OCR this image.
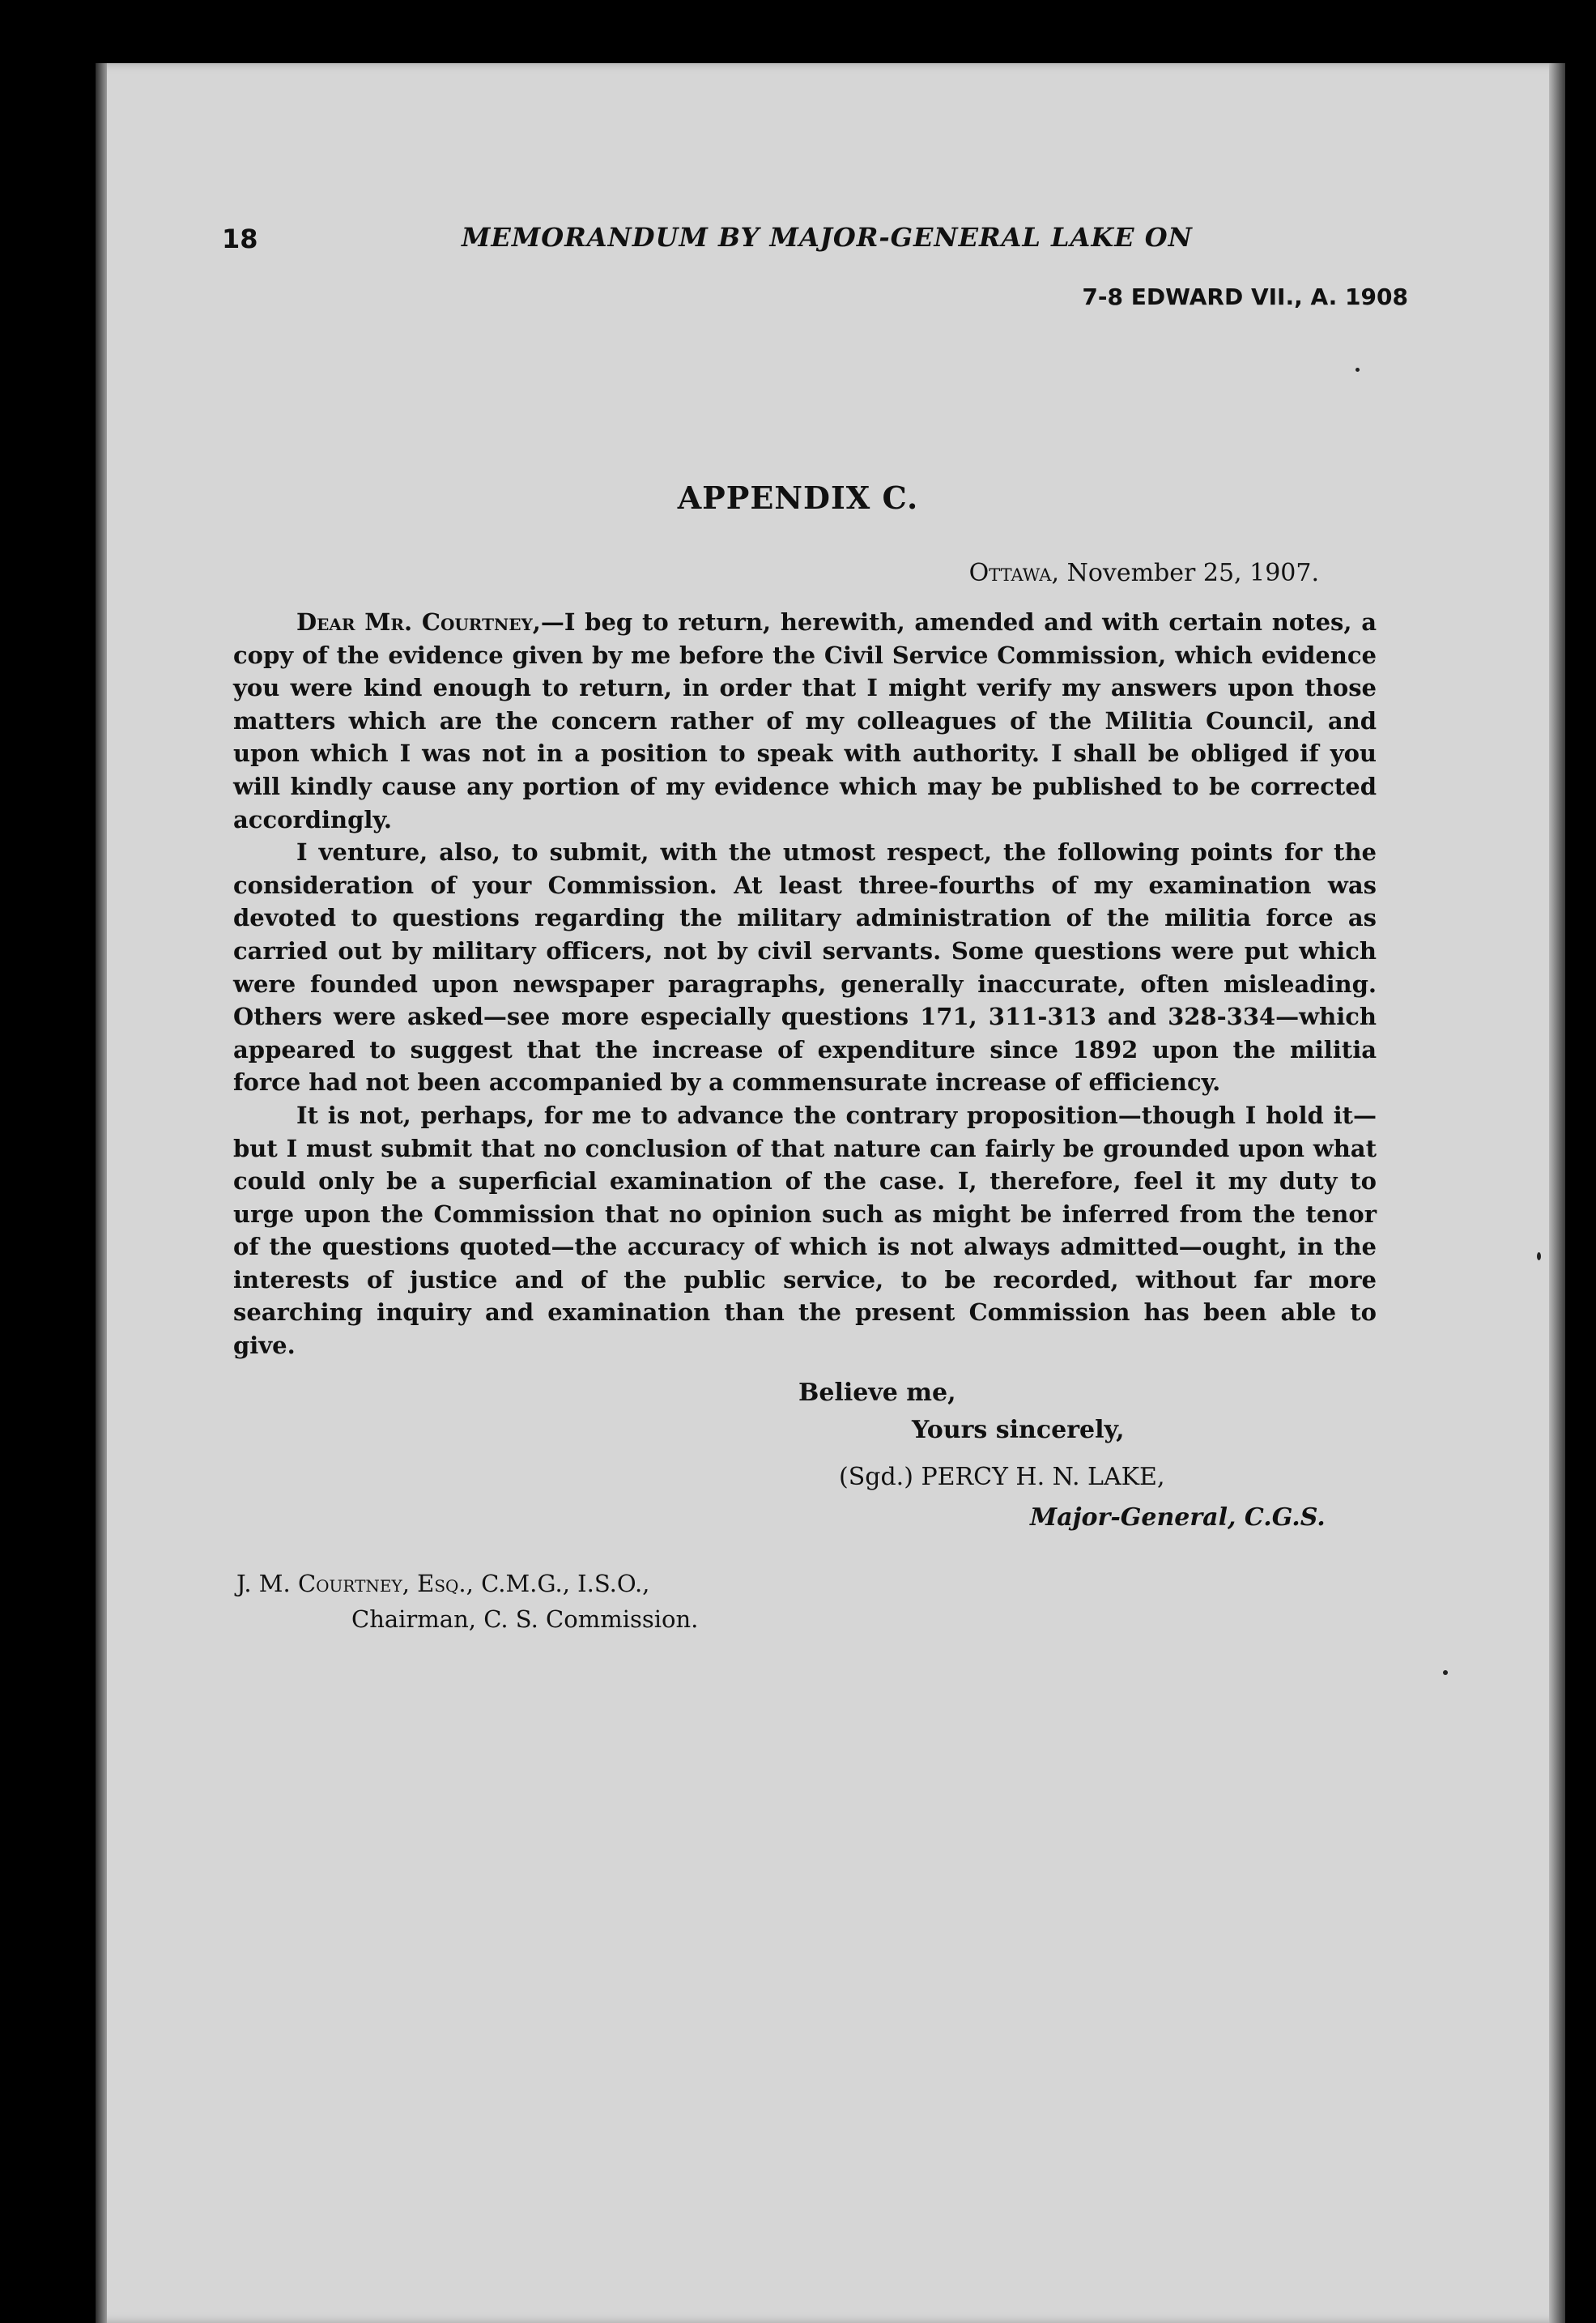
18	MEMORANDUM BY MAJOR-GENERAL LAKE ON
7-8 EDWARD VII., A. 1908
APPENDIX C.
Ottawa, November 25, 1907.

Dear Mr. Courtney,—I beg to return, herewith, amended and with certain notes, a copy of the evidence given by me before the Civil Service Commission, which evidence you were kind enough to return, in order that I might verify my answers upon those matters which are the concern rather of my colleagues of the Militia Council, and upon which I was not in a position to speak with authority. I shall be obliged if you will kindly cause any portion of my evidence which may be published to be corrected accordingly.

I venture, also, to submit, with the utmost respect, the following points for the consideration of your Commission. At least three-fourths of my examination was devoted to questions regarding the military administration of the militia force as carried out by military officers, not by civil servants. Some questions were put which were founded upon newspaper paragraphs, generally inaccurate, often misleading. Others were asked—see more especially questions 171, 311-313 and 328-334—which appeared to suggest that the increase of expenditure since 1892 upon the militia force had not been accompanied by a commensurate increase of efficiency.

It is not, perhaps, for me to advance the contrary proposition—though I hold it—but I must submit that no conclusion of that nature can fairly be grounded upon what could only be a superficial examination of the case. I, therefore, feel it my duty to urge upon the Commission that no opinion such as might be inferred from the tenor of the questions quoted—the accuracy of which is not always admitted—ought, in the interests of justice and of the public service, to be recorded, without far more searching inquiry and examination than the present Commission has been able to give.

Believe me,
Yours sincerely,
(Sgd.) PERCY H. N. LAKE,
Major-General, C.G.S.
J. M. Courtney, Esq., C.M.G., I.S.O.,
Chairman, C. S. Commission.
